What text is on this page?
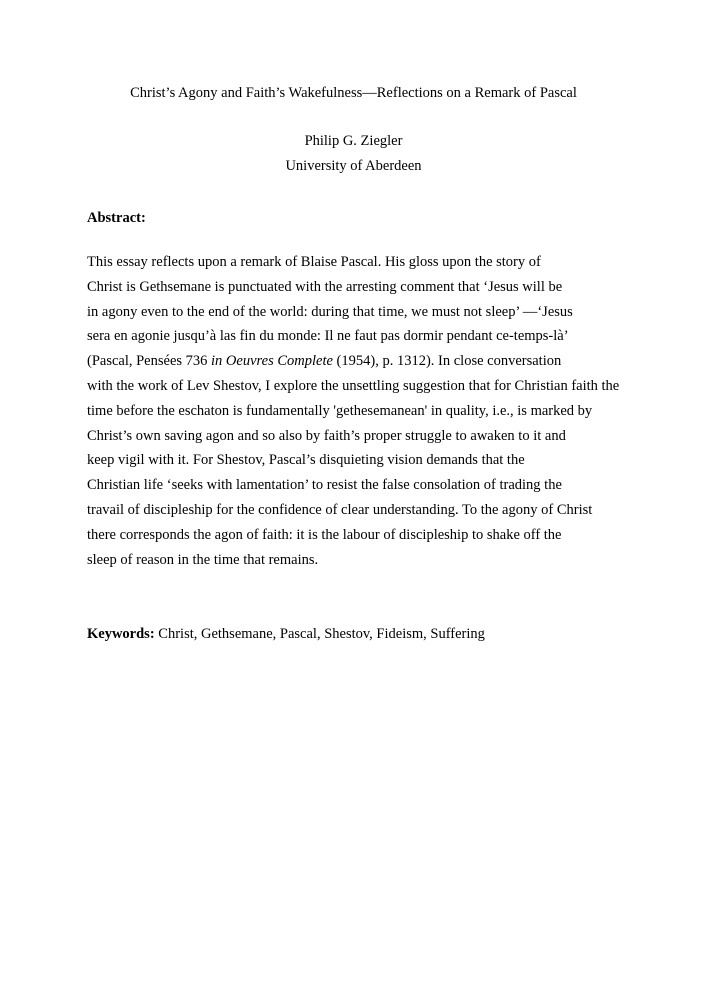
Christ’s Agony and Faith’s Wakefulness—Reflections on a Remark of Pascal
Philip G. Ziegler
University of Aberdeen
Abstract:
This essay reflects upon a remark of Blaise Pascal. His gloss upon the story of
Christ is Gethsemane is punctuated with the arresting comment that ‘Jesus will be
in agony even to the end of the world: during that time, we must not sleep’ —‘Jesus
sera en agonie jusqu’à las fin du monde: Il ne faut pas dormir pendant ce-temps-là’
(Pascal, Pensées 736 in Oeuvres Complete (1954), p. 1312). In close conversation
with the work of Lev Shestov, I explore the unsettling suggestion that for Christian faith the
time before the eschaton is fundamentally 'gethesemanean' in quality, i.e., is marked by
Christ’s own saving agon and so also by faith’s proper struggle to awaken to it and
keep vigil with it. For Shestov, Pascal’s disquieting vision demands that the
Christian life ‘seeks with lamentation’ to resist the false consolation of trading the
travail of discipleship for the confidence of clear understanding. To the agony of Christ
there corresponds the agon of faith: it is the labour of discipleship to shake off the
sleep of reason in the time that remains.
Keywords: Christ, Gethsemane, Pascal, Shestov, Fideism, Suffering
